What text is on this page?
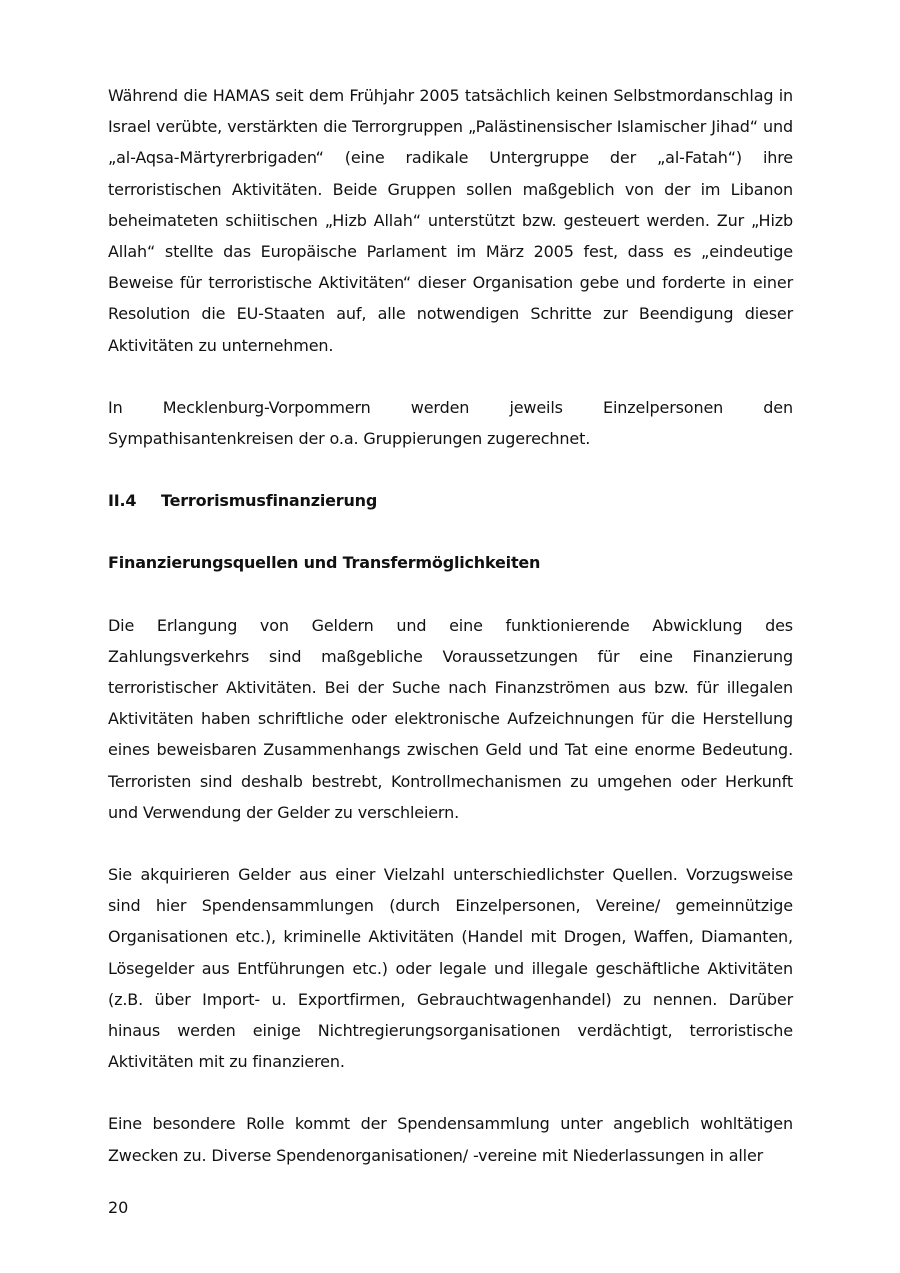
Während die HAMAS seit dem Frühjahr 2005 tatsächlich keinen Selbstmordanschlag in Israel verübte, verstärkten die Terrorgruppen „Palästinensischer Islamischer Jihad“ und „al-Aqsa-Märtyrerbrigaden“ (eine radikale Untergruppe der „al-Fatah“) ihre terroristischen Aktivitäten. Beide Gruppen sollen maßgeblich von der im Libanon beheimateten schiitischen „Hizb Allah“ unterstützt bzw. gesteuert werden. Zur „Hizb Allah“ stellte das Europäische Parlament im März 2005 fest, dass es „eindeutige Beweise für terroristische Aktivitäten“ dieser Organisation gebe und forderte in einer Resolution die EU-Staaten auf, alle notwendigen Schritte zur Beendigung dieser Aktivitäten zu unternehmen.

In Mecklenburg-Vorpommern werden jeweils Einzelpersonen den Sympathisantenkreisen der o.a. Gruppierungen zugerechnet.

II.4 Terrorismusfinanzierung

Finanzierungsquellen und Transfermöglichkeiten

Die Erlangung von Geldern und eine funktionierende Abwicklung des Zahlungsverkehrs sind maßgebliche Voraussetzungen für eine Finanzierung terroristischer Aktivitäten. Bei der Suche nach Finanzströmen aus bzw. für illegalen Aktivitäten haben schriftliche oder elektronische Aufzeichnungen für die Herstellung eines beweisbaren Zusammenhangs zwischen Geld und Tat eine enorme Bedeutung. Terroristen sind deshalb bestrebt, Kontrollmechanismen zu umgehen oder Herkunft und Verwendung der Gelder zu verschleiern.

Sie akquirieren Gelder aus einer Vielzahl unterschiedlichster Quellen. Vorzugsweise sind hier Spendensammlungen (durch Einzelpersonen, Vereine/ gemeinnützige Organisationen etc.), kriminelle Aktivitäten (Handel mit Drogen, Waffen, Diamanten, Lösegelder aus Entführungen etc.) oder legale und illegale geschäftliche Aktivitäten (z.B. über Import- u. Exportfirmen, Gebrauchtwagenhandel) zu nennen. Darüber hinaus werden einige Nichtregierungsorganisationen verdächtigt, terroristische Aktivitäten mit zu finanzieren.

Eine besondere Rolle kommt der Spendensammlung unter angeblich wohltätigen Zwecken zu. Diverse Spendenorganisationen/ -vereine mit Niederlassungen in aller

20
